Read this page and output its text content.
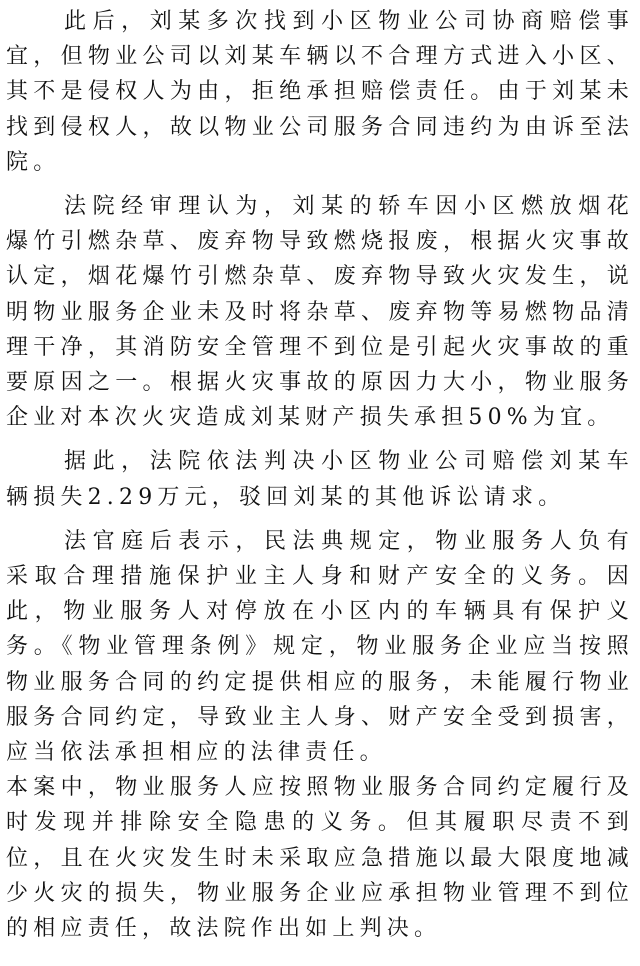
此后，刘某多次找到小区物业公司协商赔偿事宜，但物业公司以刘某车辆以不合理方式进入小区、其不是侵权人为由，拒绝承担赔偿责任。由于刘某未找到侵权人，故以物业公司服务合同违约为由诉至法院。

法院经审理认为，刘某的轿车因小区燃放烟花爆竹引燃杂草、废弃物导致燃烧报废，根据火灾事故认定，烟花爆竹引燃杂草、废弃物导致火灾发生，说明物业服务企业未及时将杂草、废弃物等易燃物品清理干净，其消防安全管理不到位是引起火灾事故的重要原因之一。根据火灾事故的原因力大小，物业服务企业对本次火灾造成刘某财产损失承担50%为宜。

据此，法院依法判决小区物业公司赔偿刘某车辆损失2.29万元，驳回刘某的其他诉讼请求。

法官庭后表示，民法典规定，物业服务人负有采取合理措施保护业主人身和财产安全的义务。因此，物业服务人对停放在小区内的车辆具有保护义务。《物业管理条例》规定，物业服务企业应当按照物业服务合同的约定提供相应的服务，未能履行物业服务合同约定，导致业主人身、财产安全受到损害，应当依法承担相应的法律责任。

本案中，物业服务人应按照物业服务合同约定履行及时发现并排除安全隐患的义务。但其履职尽责不到位，且在火灾发生时未采取应急措施以最大限度地减少火灾的损失，物业服务企业应承担物业管理不到位的相应责任，故法院作出如上判决。
